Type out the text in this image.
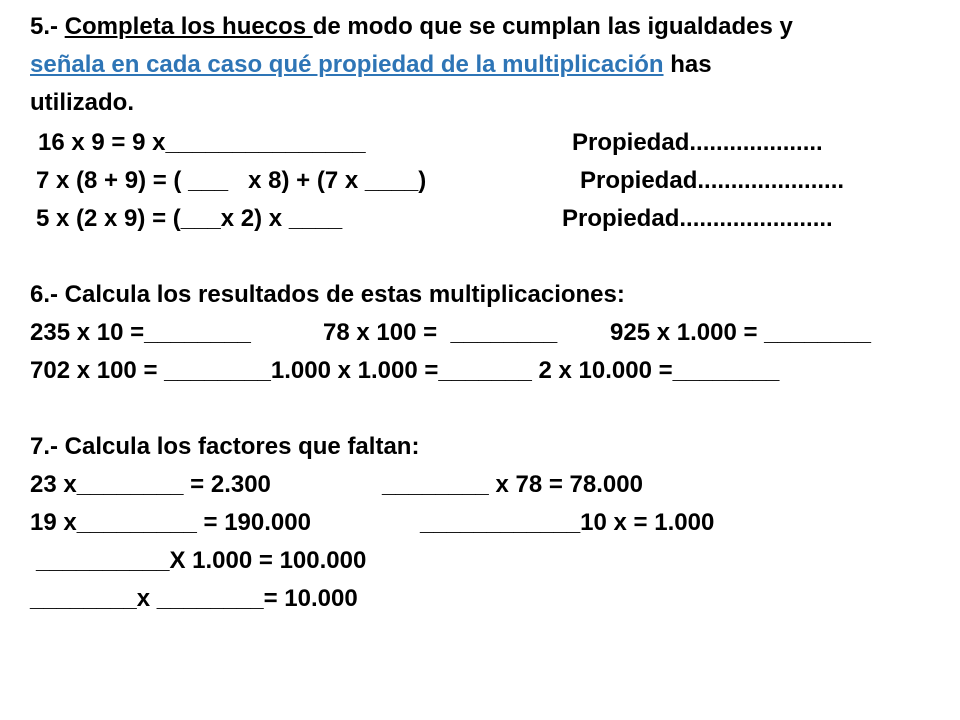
5.- Completa los huecos de modo que se cumplan las igualdades y
señala en cada caso qué propiedad de la multiplicación has
utilizado.
16 x 9 = 9 x_______________	Propiedad....................
7 x (8 + 9) = ( ___   x 8) + (7 x ____)	Propiedad......................
5 x (2 x 9) = (___x 2) x ____	Propiedad.......................
6.- Calcula los resultados de estas multiplicaciones:
235 x 10 =________	78 x 100 =  ________ 925 x 1.000 = ________
702 x 100 = ________1.000 x 1.000 =_______ 2 x 10.000 =________
7.- Calcula los factores que faltan:
23 x________ = 2.300	________ x 78 = 78.000
19 x_________ = 190.000	____________10 x = 1.000
__________X 1.000 = 100.000
________x ________= 10.000
